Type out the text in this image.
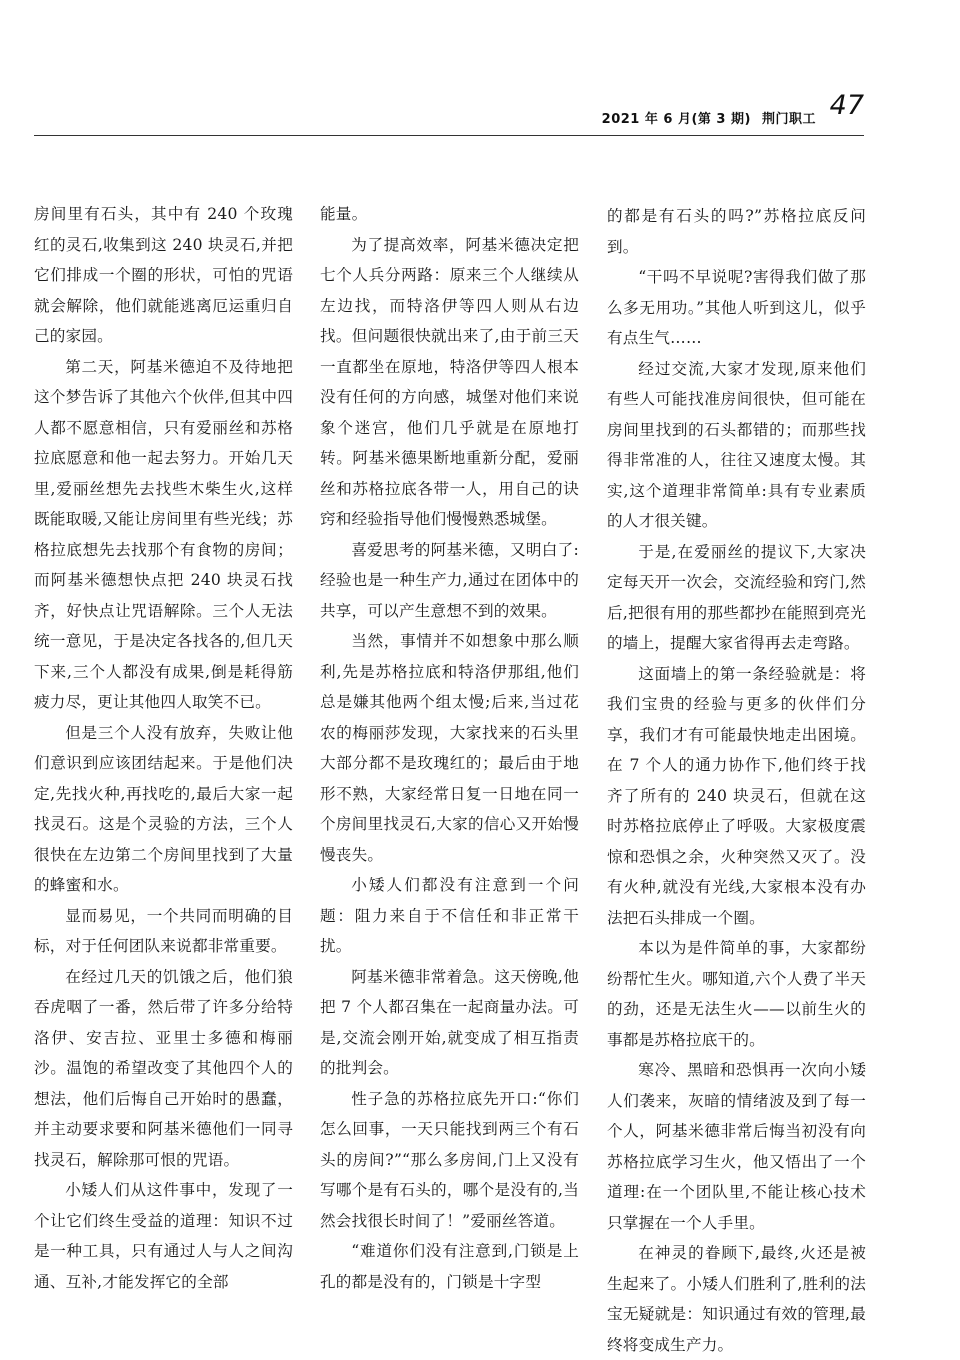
2021 年 6 月(第 3 期) 荆门职工 47

房间里有石头，其中有 240 个玫瑰红的灵石,收集到这 240 块灵石,并把它们排成一个圈的形状，可怕的咒语就会解除，他们就能逃离厄运重归自己的家园。

第二天，阿基米德迫不及待地把这个梦告诉了其他六个伙伴,但其中四人都不愿意相信，只有爱丽丝和苏格拉底愿意和他一起去努力。开始几天里,爱丽丝想先去找些木柴生火,这样既能取暖,又能让房间里有些光线；苏格拉底想先去找那个有食物的房间；而阿基米德想快点把 240 块灵石找齐，好快点让咒语解除。三个人无法统一意见，于是决定各找各的,但几天下来,三个人都没有成果,倒是耗得筋疲力尽，更让其他四人取笑不已。

但是三个人没有放弃，失败让他们意识到应该团结起来。于是他们决定,先找火种,再找吃的,最后大家一起找灵石。这是个灵验的方法，三个人很快在左边第二个房间里找到了大量的蜂蜜和水。

显而易见，一个共同而明确的目标，对于任何团队来说都非常重要。

在经过几天的饥饿之后，他们狼吞虎咽了一番，然后带了许多分给特洛伊、安吉拉、亚里士多德和梅丽沙。温饱的希望改变了其他四个人的想法，他们后悔自己开始时的愚蠢，并主动要求要和阿基米德他们一同寻找灵石，解除那可恨的咒语。

小矮人们从这件事中，发现了一个让它们终生受益的道理：知识不过是一种工具，只有通过人与人之间沟通、互补,才能发挥它的全部

能量。

为了提高效率，阿基米德决定把七个人兵分两路：原来三个人继续从左边找，而特洛伊等四人则从右边找。但问题很快就出来了,由于前三天一直都坐在原地，特洛伊等四人根本没有任何的方向感，城堡对他们来说象个迷宫，他们几乎就是在原地打转。阿基米德果断地重新分配，爱丽丝和苏格拉底各带一人，用自己的诀窍和经验指导他们慢慢熟悉城堡。

喜爱思考的阿基米德，又明白了:经验也是一种生产力,通过在团体中的共享，可以产生意想不到的效果。

当然，事情并不如想象中那么顺利,先是苏格拉底和特洛伊那组,他们总是嫌其他两个组太慢;后来,当过花农的梅丽莎发现，大家找来的石头里大部分都不是玫瑰红的；最后由于地形不熟，大家经常日复一日地在同一个房间里找灵石,大家的信心又开始慢慢丧失。

小矮人们都没有注意到一个问题：阻力来自于不信任和非正常干扰。

阿基米德非常着急。这天傍晚,他把 7 个人都召集在一起商量办法。可是,交流会刚开始,就变成了相互指责的批判会。

性子急的苏格拉底先开口:“你们怎么回事，一天只能找到两三个有石头的房间?”“那么多房间,门上又没有写哪个是有石头的，哪个是没有的,当然会找很长时间了！”爱丽丝答道。

“难道你们没有注意到,门锁是上孔的都是没有的，门锁是十字型

的都是有石头的吗?”苏格拉底反问到。

“干吗不早说呢?害得我们做了那么多无用功。”其他人听到这儿，似乎有点生气……

经过交流,大家才发现,原来他们有些人可能找准房间很快，但可能在房间里找到的石头都错的；而那些找得非常准的人，往往又速度太慢。其实,这个道理非常简单:具有专业素质的人才很关键。

于是,在爱丽丝的提议下,大家决定每天开一次会，交流经验和窍门,然后,把很有用的那些都抄在能照到亮光的墙上，提醒大家省得再去走弯路。

这面墙上的第一条经验就是：将我们宝贵的经验与更多的伙伴们分享，我们才有可能最快地走出困境。在 7 个人的通力协作下,他们终于找齐了所有的 240 块灵石，但就在这时苏格拉底停止了呼吸。大家极度震惊和恐惧之余，火种突然又灭了。没有火种,就没有光线,大家根本没有办法把石头排成一个圈。

本以为是件简单的事，大家都纷纷帮忙生火。哪知道,六个人费了半天的劲，还是无法生火——以前生火的事都是苏格拉底干的。

寒冷、黑暗和恐惧再一次向小矮人们袭来，灰暗的情绪波及到了每一个人，阿基米德非常后悔当初没有向苏格拉底学习生火，他又悟出了一个道理:在一个团队里,不能让核心技术只掌握在一个人手里。

在神灵的眷顾下,最终,火还是被生起来了。小矮人们胜利了,胜利的法宝无疑就是：知识通过有效的管理,最终将变成生产力。
